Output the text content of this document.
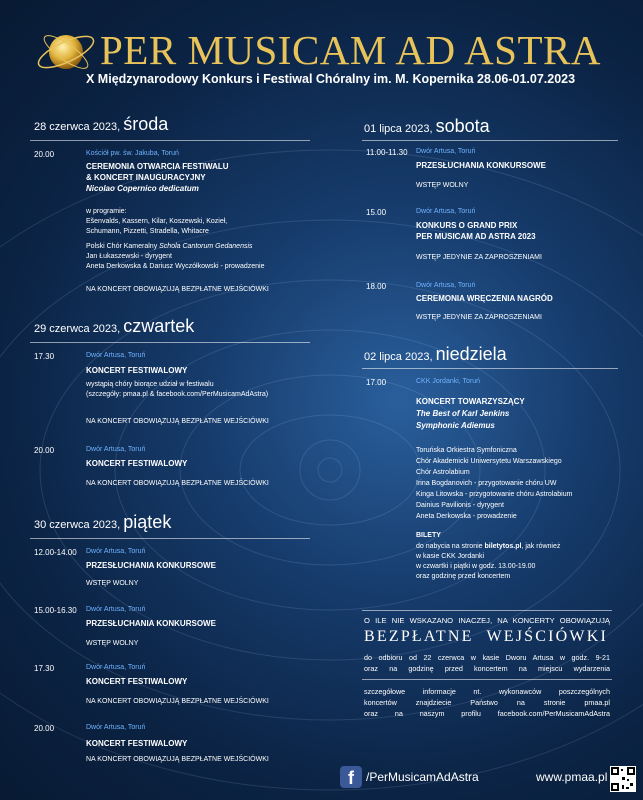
PER MUSICAM AD ASTRA
X Międzynarodowy Konkurs i Festiwal Chóralny im. M. Kopernika 28.06-01.07.2023
28 czerwca 2023, środa
20.00	Kościół pw. św. Jakuba, Toruń
CEREMONIA OTWARCIA FESTIWALU
& KONCERT INAUGURACYJNY
Nicolao Copernico dedicatum
w programie:
Ešenvalds, Kassern, Kilar, Koszewski, Kozieł,
Schumann, Pizzetti, Stradella, Whitacre
Polski Chór Kameralny Schola Cantorum Gedanensis
Jan Łukaszewski - dyrygent
Aneta Derkowska & Dariusz Wyczółkowski - prowadzenie
NA KONCERT OBOWIĄZUJĄ BEZPŁATNE WEJŚCIÓWKI
29 czerwca 2023, czwartek
17.30	Dwór Artusa, Toruń
KONCERT FESTIWALOWY
wystąpią chóry biorące udział w festiwalu
(szczegóły: pmaa.pl & facebook.com/PerMusicamAdAstra)
NA KONCERT OBOWIĄZUJĄ BEZPŁATNE WEJŚCIÓWKI
20.00	Dwór Artusa, Toruń
KONCERT FESTIWALOWY
NA KONCERT OBOWIĄZUJĄ BEZPŁATNE WEJŚCIÓWKI
30 czerwca 2023, piątek
12.00-14.00 Dwór Artusa, Toruń
PRZESŁUCHANIA KONKURSOWE
WSTĘP WOLNY
15.00-16.30 Dwór Artusa, Toruń
PRZESŁUCHANIA KONKURSOWE
WSTĘP WOLNY
17.30	Dwór Artusa, Toruń
KONCERT FESTIWALOWY
NA KONCERT OBOWIĄZUJĄ BEZPŁATNE WEJŚCIÓWKI
20.00	Dwór Artusa, Toruń
KONCERT FESTIWALOWY
NA KONCERT OBOWIĄZUJĄ BEZPŁATNE WEJŚCIÓWKI
01 lipca 2023, sobota
11.00-11.30 Dwór Artusa, Toruń
PRZESŁUCHANIA KONKURSOWE
WSTĘP WOLNY
15.00	Dwór Artusa, Toruń
KONKURS O GRAND PRIX
PER MUSICAM AD ASTRA 2023
WSTĘP JEDYNIE ZA ZAPROSZENIAMI
18.00	Dwór Artusa, Toruń
CEREMONIA WRĘCZENIA NAGRÓD
WSTĘP JEDYNIE ZA ZAPROSZENIAMI
02 lipca 2023, niedziela
17.00	CKK Jordanki, Toruń
KONCERT TOWARZYSZĄCY
The Best of Karl Jenkins
Symphonic Adiemus
Toruńska Orkiestra Symfoniczna
Chór Akademicki Uniwersytetu Warszawskiego
Chór Astrolabium
Irina Bogdanovich - przygotowanie chóru UW
Kinga Litowska - przygotowanie chóru Astrolabium
Dainius Pavilionis - dyrygent
Aneta Derkowska - prowadzenie
BILETY
do nabycia na stronie biletytos.pl, jak również
w kasie CKK Jordanki
w czwartki i piątki w godz. 13.00-19.00
oraz godzinę przed koncertem
O ILE NIE WSKAZANO INACZEJ, NA KONCERTY OBOWIĄZUJĄ
BEZPŁATNE WEJŚCIÓWKI
do odbioru od 22 czerwca w kasie Dworu Artusa w godz. 9-21
oraz na godzinę przed koncertem na miejscu wydarzenia
szczegółowe informacje nt. wykonawców poszczególnych
koncertów znajdziecie Państwo na stronie pmaa.pl
oraz na naszym profilu facebook.com/PerMusicamAdAstra
f	/PerMusicamAdAstra	www.pmaa.pl
